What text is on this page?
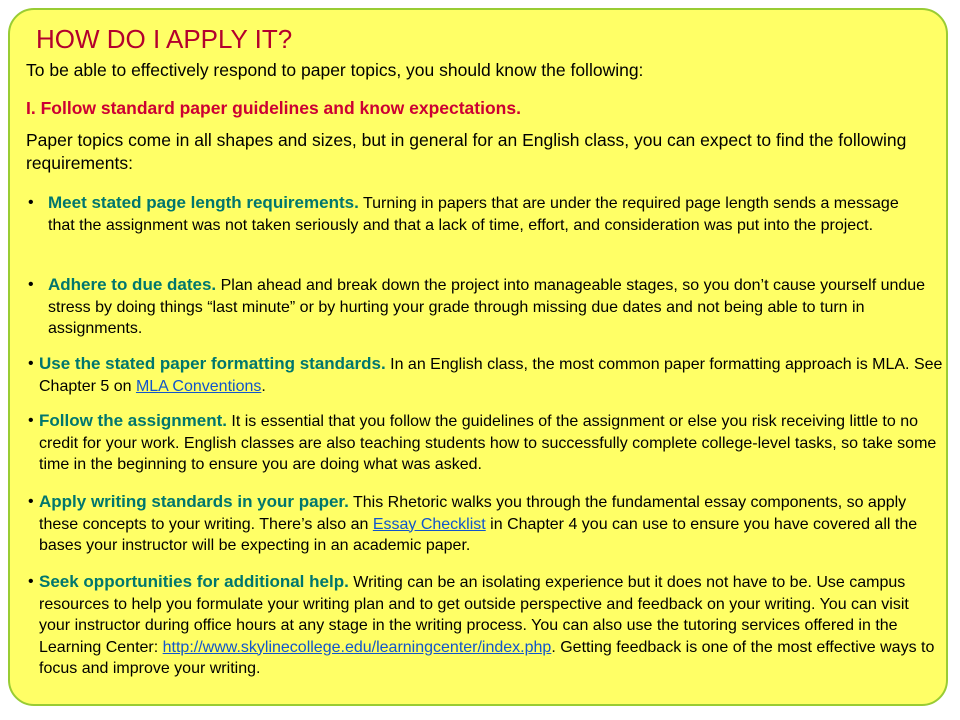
HOW DO I APPLY IT?
To be able to effectively respond to paper topics, you should know the following:
I. Follow standard paper guidelines and know expectations.
Paper topics come in all shapes and sizes, but in general for an English class, you can expect to find the following requirements:
• Meet stated page length requirements. Turning in papers that are under the required page length sends a message that the assignment was not taken seriously and that a lack of time, effort, and consideration was put into the project.
• Adhere to due dates. Plan ahead and break down the project into manageable stages, so you don’t cause yourself undue stress by doing things “last minute” or by hurting your grade through missing due dates and not being able to turn in assignments.
• Use the stated paper formatting standards. In an English class, the most common paper formatting approach is MLA. See Chapter 5 on MLA Conventions.
• Follow the assignment. It is essential that you follow the guidelines of the assignment or else you risk receiving little to no credit for your work. English classes are also teaching students how to successfully complete college-level tasks, so take some time in the beginning to ensure you are doing what was asked.
• Apply writing standards in your paper. This Rhetoric walks you through the fundamental essay components, so apply these concepts to your writing. There’s also an Essay Checklist in Chapter 4 you can use to ensure you have covered all the bases your instructor will be expecting in an academic paper.
• Seek opportunities for additional help. Writing can be an isolating experience but it does not have to be. Use campus resources to help you formulate your writing plan and to get outside perspective and feedback on your writing. You can visit your instructor during office hours at any stage in the writing process. You can also use the tutoring services offered in the Learning Center: http://www.skylinecollege.edu/learningcenter/index.php. Getting feedback is one of the most effective ways to focus and improve your writing.
